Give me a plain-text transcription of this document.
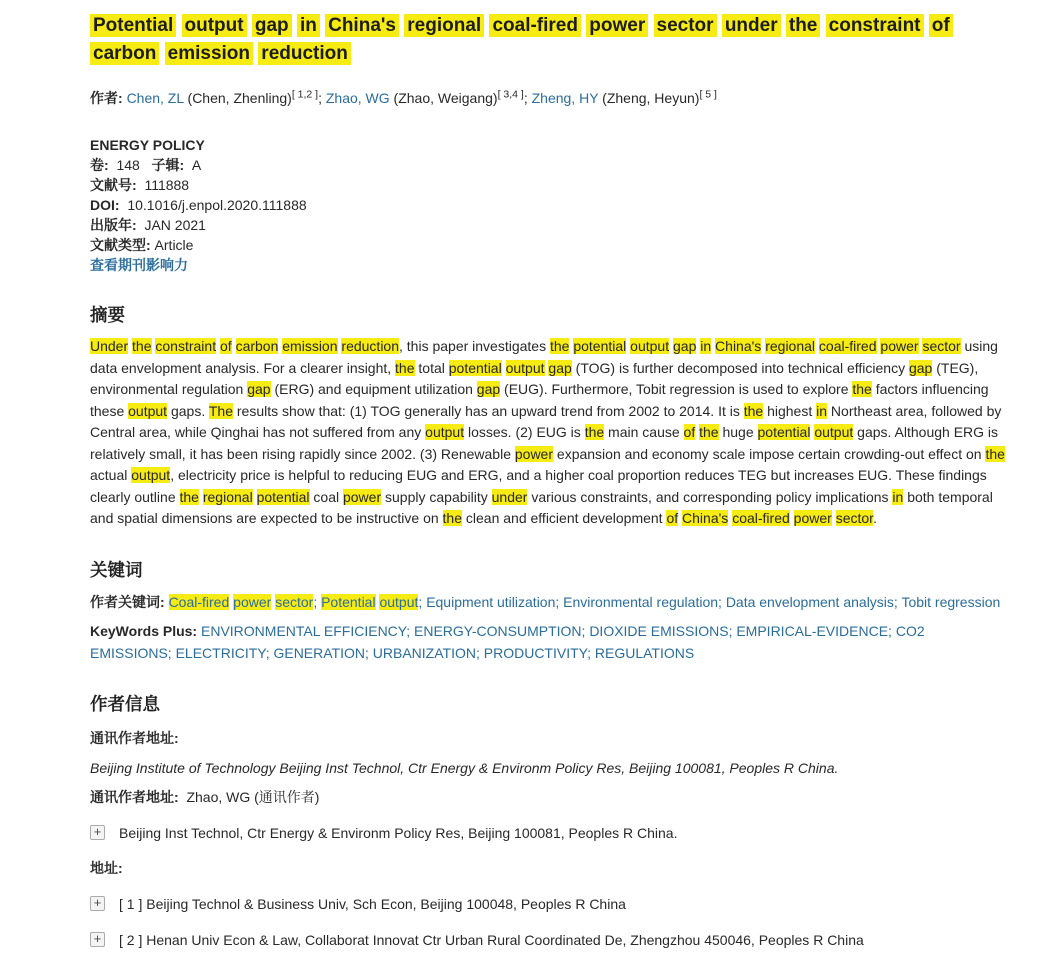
Potential output gap in China's regional coal-fired power sector under the constraint of carbon emission reduction
作者: Chen, ZL (Chen, Zhenling)[ 1,2 ]; Zhao, WG (Zhao, Weigang)[ 3,4 ]; Zheng, HY (Zheng, Heyun)[ 5 ]
ENERGY POLICY
卷:  148   子辑:  A
文献号:  111888
DOI:  10.1016/j.enpol.2020.111888
出版年:  JAN 2021
文献类型: Article
查看期刊影响力
摘要

Under the constraint of carbon emission reduction, this paper investigates the potential output gap in China's regional coal-fired power sector using data envelopment analysis. For a clearer insight, the total potential output gap (TOG) is further decomposed into technical efficiency gap (TEG), environmental regulation gap (ERG) and equipment utilization gap (EUG). Furthermore, Tobit regression is used to explore the factors influencing these output gaps. The results show that: (1) TOG generally has an upward trend from 2002 to 2014. It is the highest in Northeast area, followed by Central area, while Qinghai has not suffered from any output losses. (2) EUG is the main cause of the huge potential output gaps. Although ERG is relatively small, it has been rising rapidly since 2002. (3) Renewable power expansion and economy scale impose certain crowding-out effect on the actual output, electricity price is helpful to reducing EUG and ERG, and a higher coal proportion reduces TEG but increases EUG. These findings clearly outline the regional potential coal power supply capability under various constraints, and corresponding policy implications in both temporal and spatial dimensions are expected to be instructive on the clean and efficient development of China's coal-fired power sector.

关键词

作者关键词: Coal-fired power sector; Potential output; Equipment utilization; Environmental regulation; Data envelopment analysis; Tobit regression

KeyWords Plus: ENVIRONMENTAL EFFICIENCY; ENERGY-CONSUMPTION; DIOXIDE EMISSIONS; EMPIRICAL-EVIDENCE; CO2 EMISSIONS; ELECTRICITY; GENERATION; URBANIZATION; PRODUCTIVITY; REGULATIONS

作者信息
通讯作者地址:
Beijing Institute of Technology Beijing Inst Technol, Ctr Energy & Environm Policy Res, Beijing 100081, Peoples R China.
通讯作者地址:  Zhao, WG (通讯作者)
+ Beijing Inst Technol, Ctr Energy & Environm Policy Res, Beijing 100081, Peoples R China.
地址:
+ [ 1 ] Beijing Technol & Business Univ, Sch Econ, Beijing 100048, Peoples R China
+ [ 2 ] Henan Univ Econ & Law, Collaborat Innovat Ctr Urban Rural Coordinated De, Zhengzhou 450046, Peoples R China
